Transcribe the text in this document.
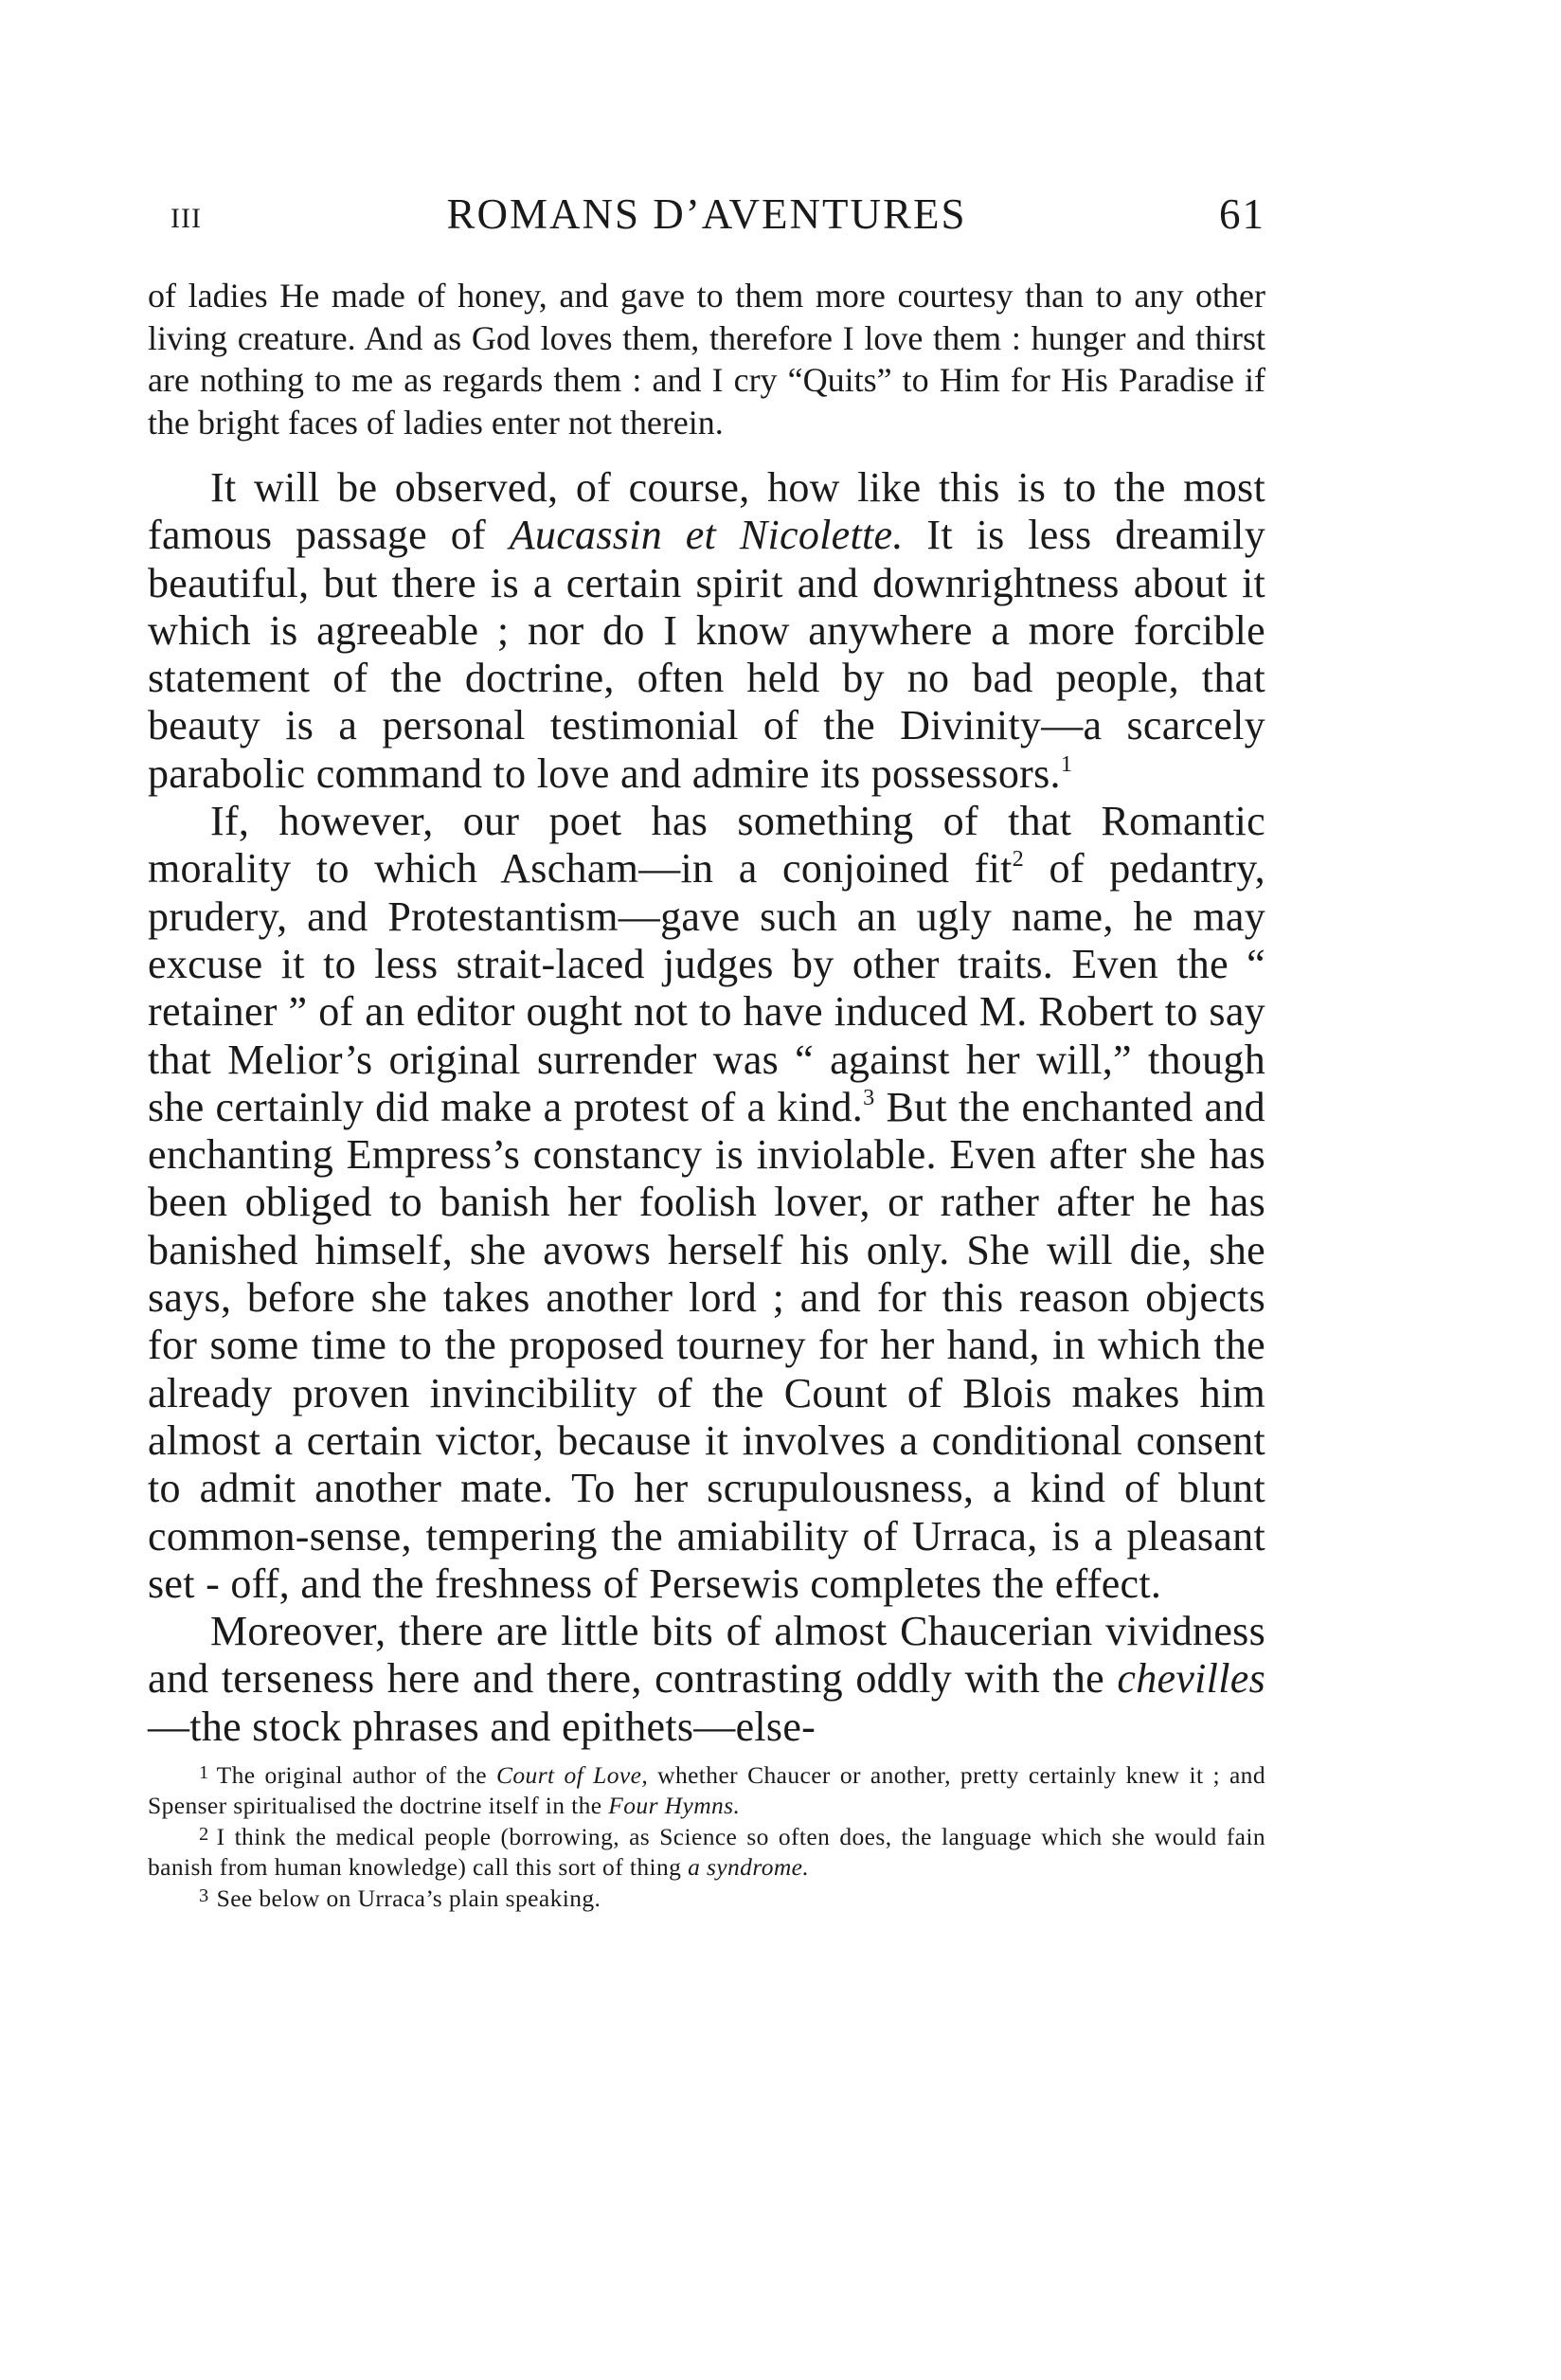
III	ROMANS D’AVENTURES	61
of ladies He made of honey, and gave to them more courtesy than to any other living creature. And as God loves them, therefore I love them : hunger and thirst are nothing to me as regards them : and I cry “Quits” to Him for His Paradise if the bright faces of ladies enter not therein.

It will be observed, of course, how like this is to the most famous passage of Aucassin et Nicolette. It is less dreamily beautiful, but there is a certain spirit and downrightness about it which is agreeable ; nor do I know anywhere a more forcible statement of the doctrine, often held by no bad people, that beauty is a personal testimonial of the Divinity—a scarcely parabolic command to love and admire its possessors.$^1$

If, however, our poet has something of that Romantic morality to which Ascham—in a conjoined fit$^2$ of pedantry, prudery, and Protestantism—gave such an ugly name, he may excuse it to less strait-laced judges by other traits. Even the “ retainer ” of an editor ought not to have induced M. Robert to say that Melior’s original surrender was “ against her will,” though she certainly did make a protest of a kind.$^3$ But the enchanted and enchanting Empress’s constancy is inviolable. Even after she has been obliged to banish her foolish lover, or rather after he has banished himself, she avows herself his only. She will die, she says, before she takes another lord ; and for this reason objects for some time to the proposed tourney for her hand, in which the already proven invincibility of the Count of Blois makes him almost a certain victor, because it involves a conditional consent to admit another mate. To her scrupulousness, a kind of blunt common-sense, tempering the amiability of Urraca, is a pleasant set - off, and the freshness of Persewis completes the effect.

Moreover, there are little bits of almost Chaucerian vividness and terseness here and there, contrasting oddly with the chevilles—the stock phrases and epithets—else-

1 The original author of the Court of Love, whether Chaucer or another, pretty certainly knew it ; and Spenser spiritualised the doctrine itself in the Four Hymns.

2 I think the medical people (borrowing, as Science so often does, the language which she would fain banish from human knowledge) call this sort of thing a syndrome.

3 See below on Urraca’s plain speaking.
